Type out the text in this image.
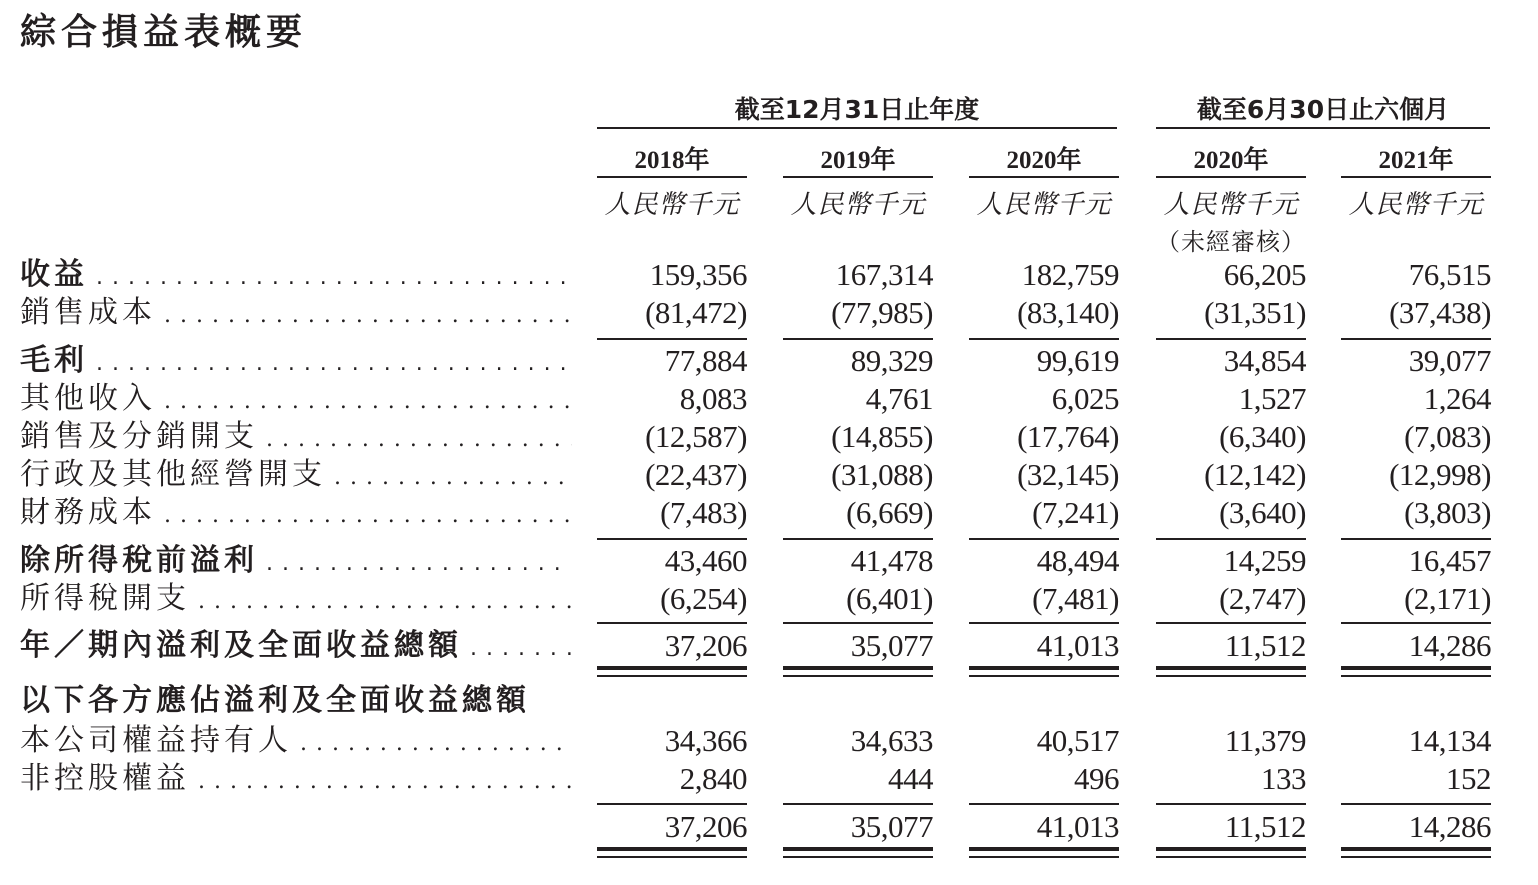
綜合損益表概要
截至12月31日止年度	截至6月30日止六個月
2018年	2019年	2020年	2020年	2021年
人民幣千元 人民幣千元 人民幣千元 人民幣千元 人民幣千元
（未經審核）
收益 . . .	159,356	167,314	182,759	66,205	76,515
銷售成本 . . .	(81,472)	(77,985)	(83,140)	(31,351)	(37,438)
毛利 . . .	77,884	89,329	99,619	34,854	39,077
其他收入 . . .	8,083	4,761	6,025	1,527	1,264
銷售及分銷開支 . . .	(12,587)	(14,855)	(17,764)	(6,340)	(7,083)
行政及其他經營開支 . . .	(22,437)	(31,088)	(32,145)	(12,142)	(12,998)
財務成本 . . .	(7,483)	(6,669)	(7,241)	(3,640)	(3,803)
除所得稅前溢利 . . .	43,460	41,478	48,494	14,259	16,457
所得稅開支 . . .	(6,254)	(6,401)	(7,481)	(2,747)	(2,171)
年／期內溢利及全面收益總額 . . .	37,206	35,077	41,013	11,512	14,286
以下各方應佔溢利及全面收益總額
本公司權益持有人 . . .	34,366	34,633	40,517	11,379	14,134
非控股權益 . . .	2,840	444	496	133	152
37,206	35,077	41,013	11,512	14,286
